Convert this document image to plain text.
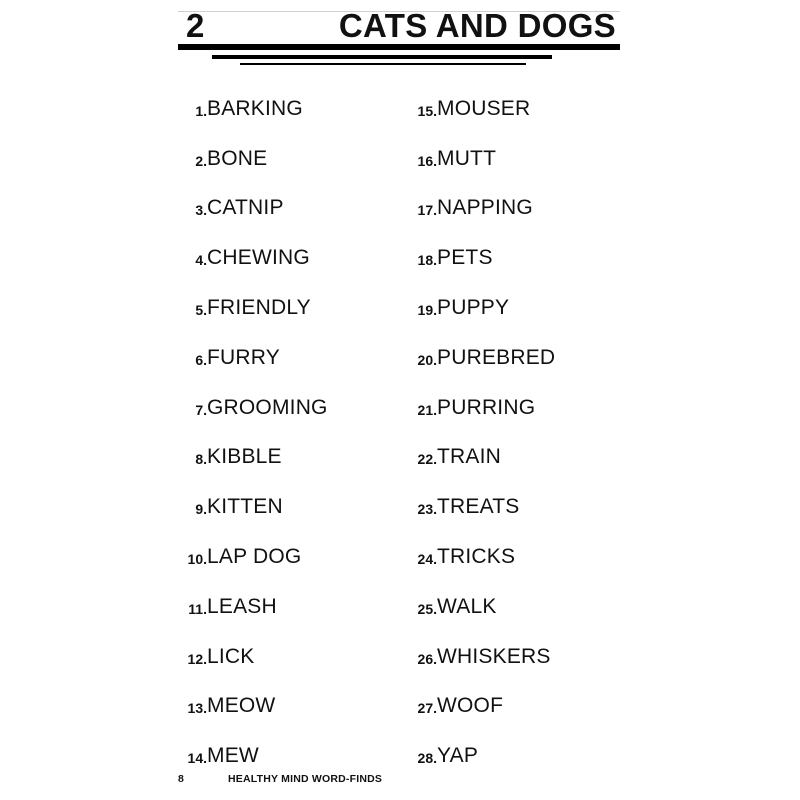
2	CATS AND DOGS
1. BARKING
2. BONE
3. CATNIP
4. CHEWING
5. FRIENDLY
6. FURRY
7. GROOMING
8. KIBBLE
9. KITTEN
10. LAP DOG
11. LEASH
12. LICK
13. MEOW
14. MEW
15. MOUSER
16. MUTT
17. NAPPING
18. PETS
19. PUPPY
20. PUREBRED
21. PURRING
22. TRAIN
23. TREATS
24. TRICKS
25. WALK
26. WHISKERS
27. WOOF
28. YAP
8	HEALTHY MIND WORD-FINDS
